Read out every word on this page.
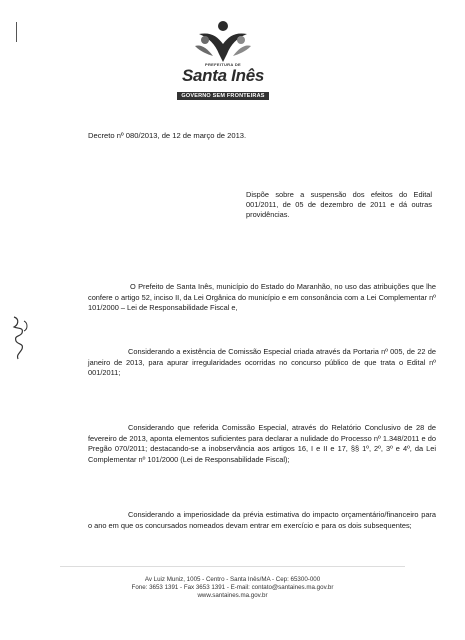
PREFEITURA DE
Santa Inês
GOVERNO SEM FRONTEIRAS
Decreto nº 080/2013, de 12 de março de 2013.
Dispõe sobre a suspensão dos efeitos do Edital 001/2011, de 05 de dezembro de 2011 e dá outras providências.
O Prefeito de Santa Inês, município do Estado do Maranhão, no uso das atribuições que lhe confere o artigo 52, inciso II, da Lei Orgânica do município e em consonância com a Lei Complementar nº 101/2000 – Lei de Responsabilidade Fiscal e,
Considerando a existência de Comissão Especial criada através da Portaria nº 005, de 22 de janeiro de 2013, para apurar irregularidades ocorridas no concurso público de que trata o Edital nº 001/2011;
Considerando que referida Comissão Especial, através do Relatório Conclusivo de 28 de fevereiro de 2013, aponta elementos suficientes para declarar a nulidade do Processo nº 1.348/2011 e do Pregão 070/2011; destacando-se a inobservância aos artigos 16, I e II e 17, §§ 1º, 2º, 3º e 4º, da Lei Complementar nº 101/2000 (Lei de Responsabilidade Fiscal);
Considerando a imperiosidade da prévia estimativa do impacto orçamentário/financeiro para o ano em que os concursados nomeados devam entrar em exercício e para os dois subsequentes;
Av Luiz Muniz, 1005 - Centro - Santa Inês/MA - Cep: 65300-000
Fone: 3653 1391 - Fax 3653 1391 - E-mail: contato@santaines.ma.gov.br
www.santaines.ma.gov.br
